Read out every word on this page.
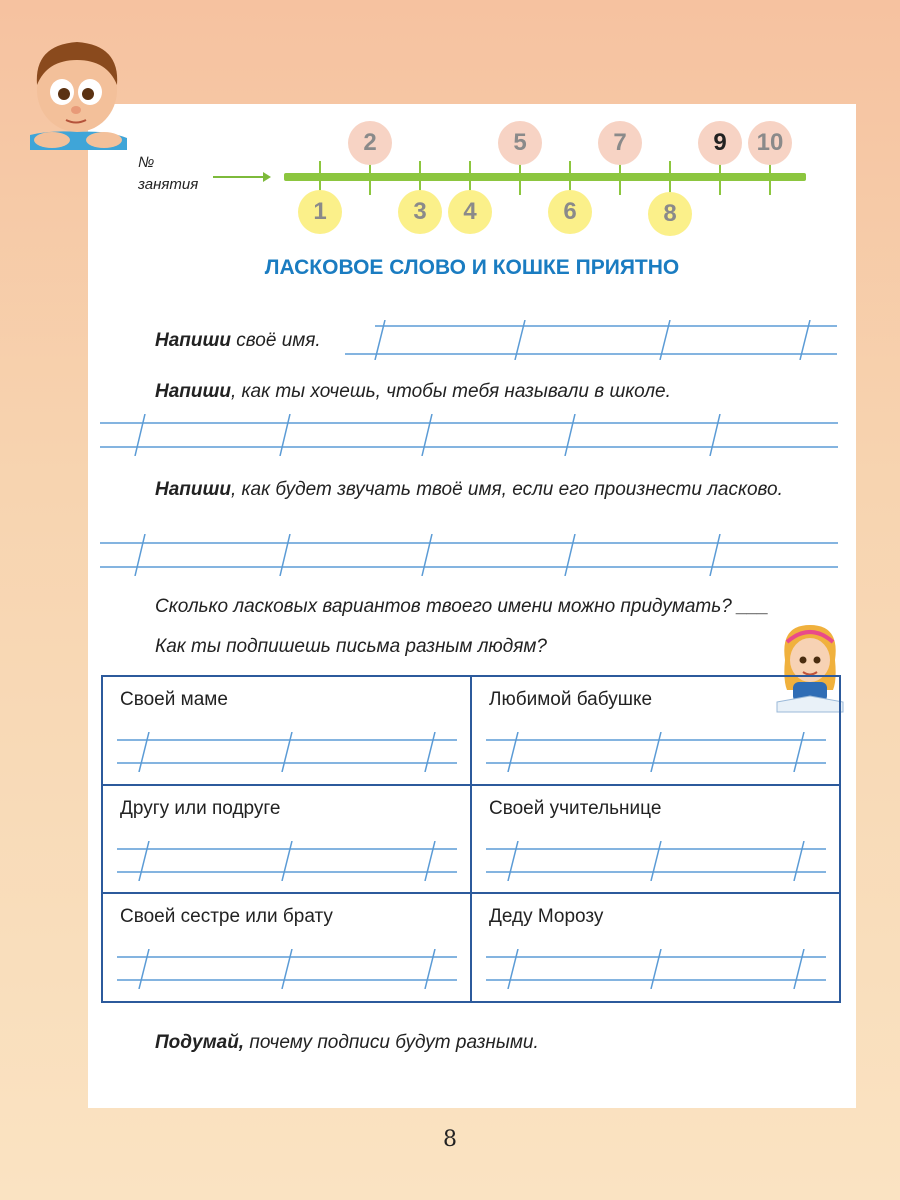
№
занятия
2	5	7	9	10
1	3	4	6	8
ЛАСКОВОЕ СЛОВО И КОШКЕ ПРИЯТНО
Напиши своё имя.
Напиши, как ты хочешь, чтобы тебя называли в школе.
Напиши, как будет звучать твоё имя, если его произнести ласково.
Сколько ласковых вариантов твоего имени можно придумать? ___
Как ты подпишешь письма разным людям?
Своей маме	Любимой бабушке

Другу или подруге	Своей учительнице

Своей сестре или брату	Деду Морозу
Подумай, почему подписи будут разными.
8
